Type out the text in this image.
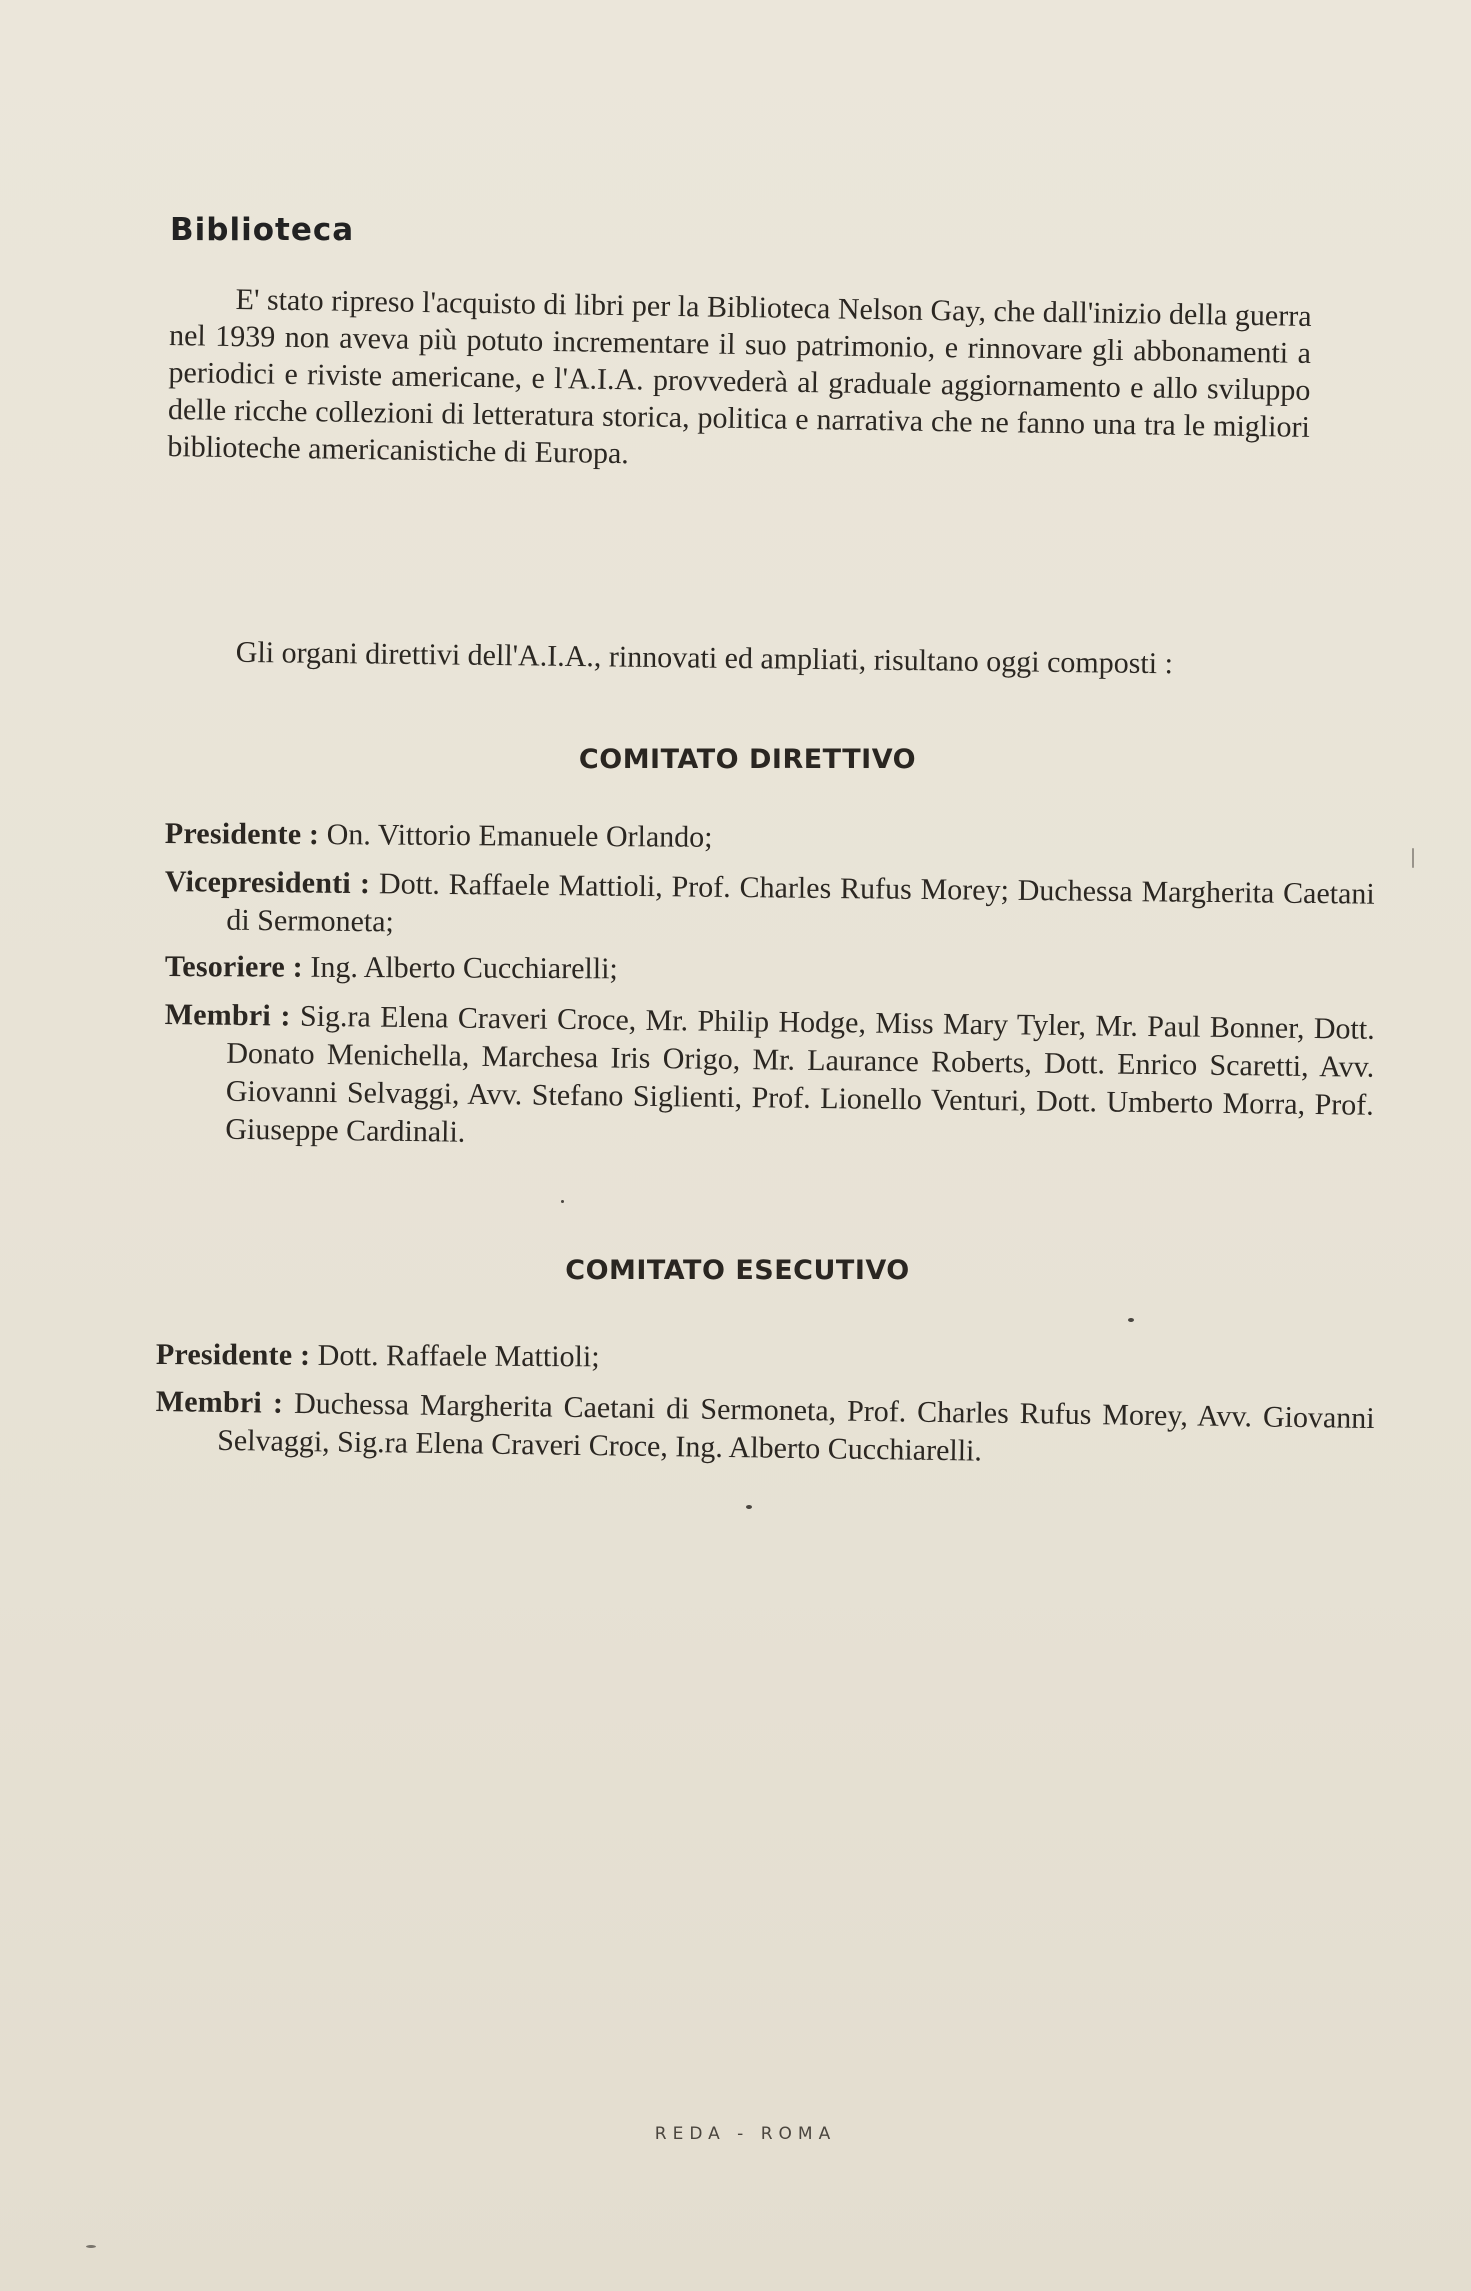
Biblioteca

E' stato ripreso l'acquisto di libri per la Biblioteca Nelson Gay, che dall'inizio della guerra nel 1939 non aveva più potuto incrementare il suo patrimonio, e rinnovare gli abbonamenti a periodici e riviste americane, e l'A.I.A. provvederà al graduale aggiornamento e allo sviluppo delle ricche collezioni di letteratura storica, politica e narrativa che ne fanno una tra le migliori biblioteche americanistiche di Europa.

Gli organi direttivi dell'A.I.A., rinnovati ed ampliati, risultano oggi composti :

COMITATO DIRETTIVO

Presidente : On. Vittorio Emanuele Orlando;

Vicepresidenti : Dott. Raffaele Mattioli, Prof. Charles Rufus Morey; Duchessa Margherita Caetani di Sermoneta;

Tesoriere : Ing. Alberto Cucchiarelli;

Membri : Sig.ra Elena Craveri Croce, Mr. Philip Hodge, Miss Mary Tyler, Mr. Paul Bonner, Dott. Donato Menichella, Marchesa Iris Origo, Mr. Laurance Roberts, Dott. Enrico Scaretti, Avv. Giovanni Selvaggi, Avv. Stefano Siglienti, Prof. Lionello Venturi, Dott. Umberto Morra, Prof. Giuseppe Cardinali.

COMITATO ESECUTIVO

Presidente : Dott. Raffaele Mattioli;

Membri : Duchessa Margherita Caetani di Sermoneta, Prof. Charles Rufus Morey, Avv. Giovanni Selvaggi, Sig.ra Elena Craveri Croce, Ing. Alberto Cucchiarelli.

REDA - ROMA
